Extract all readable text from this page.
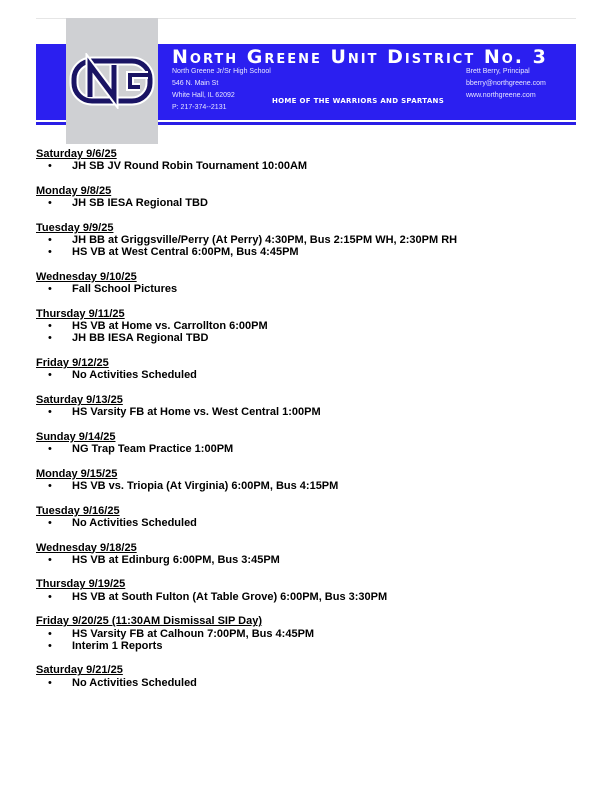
North Greene Unit District No. 3
North Greene Jr/Sr High School
546 N. Main St
White Hall, IL 62092
P: 217-374--2131
Brett Berry, Principal
bberry@northgreene.com
www.northgreene.com
HOME OF THE WARRIORS AND SPARTANS
Saturday 9/6/25
• JH SB JV Round Robin Tournament 10:00AM
Monday 9/8/25
• JH SB IESA Regional TBD
Tuesday 9/9/25
• JH BB at Griggsville/Perry (At Perry) 4:30PM, Bus 2:15PM WH, 2:30PM RH
• HS VB at West Central 6:00PM, Bus 4:45PM
Wednesday 9/10/25
• Fall School Pictures
Thursday 9/11/25
• HS VB at Home vs. Carrollton 6:00PM
• JH BB IESA Regional TBD
Friday 9/12/25
• No Activities Scheduled
Saturday 9/13/25
• HS Varsity FB at Home vs. West Central 1:00PM
Sunday 9/14/25
• NG Trap Team Practice 1:00PM
Monday 9/15/25
• HS VB vs. Triopia (At Virginia) 6:00PM, Bus 4:15PM
Tuesday 9/16/25
• No Activities Scheduled
Wednesday 9/18/25
• HS VB at Edinburg 6:00PM, Bus 3:45PM
Thursday 9/19/25
• HS VB at South Fulton (At Table Grove) 6:00PM, Bus 3:30PM
Friday 9/20/25 (11:30AM Dismissal SIP Day)
• HS Varsity FB at Calhoun 7:00PM, Bus 4:45PM
• Interim 1 Reports
Saturday 9/21/25
• No Activities Scheduled
